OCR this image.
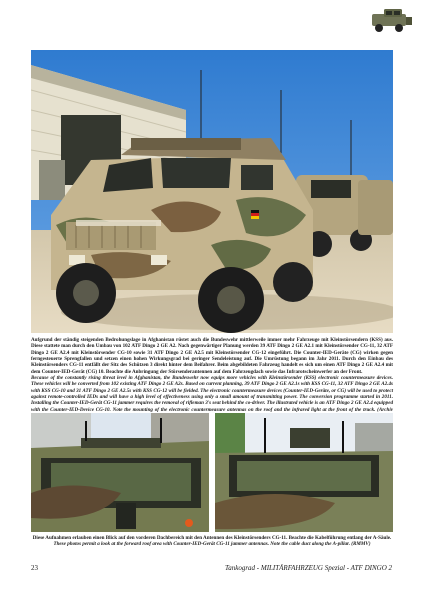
Aufgrund der ständig steigenden Bedrohungslage in Afghanistan rüstet auch die Bundeswehr mittlerweile immer mehr Fahrzeuge mit Kleinstörsendern (KSS) aus. Diese stattete man durch den Umbau von 102 ATF Dingo 2 GE A2. Nach gegenwärtiger Planung werden 39 ATF Dingo 2 GE A2.1 mit Kleinstörsender CG-11, 32 ATF Dingo 2 GE A2.4 mit Kleinstörsender CG-10 sowie 31 ATF Dingo 2 GE A2.5 mit Kleinstörsender CG-12 eingeführt. Die Counter-IED-Geräte (CG) wirken gegen ferngesteuerte Sprengfallen und setzen einen hohen Wirkungsgrad bei geringer Sendeleistung auf. Die Umrüstung begann im Jahr 2011. Durch den Einbau des Kleinstörsenders CG-11 entfällt der Sitz des Schützen 3 direkt hinter dem Beifahrer. Beim abgebildeten Fahrzeug handelt es sich um einen ATF Dingo 2 GE A2.4 mit dem Counter-IED-Gerät (CG) 10. Beachte die Anbringung der Störsenderantennen auf dem Fahrzeugdach sowie das Infrarotscheinwerfer an der Front.

Because of the constantly rising threat level in Afghanistan, the Bundeswehr now equips more vehicles with Kleinstörsender (KSS) electronic countermeasure devices. These vehicles will be converted from 102 existing ATF Dingo 2 GE A2s. Based on current planning, 39 ATF Dingo 2 GE A2.1s with KSS CG-11, 32 ATF Dingo 2 GE A2.4s with KSS CG-10 and 31 ATF Dingo 2 GE A2.5s with KSS CG-12 will be fielded. The electronic countermeasure devices (Counter-IED-Geräte, or CG) will be used to protect against remote-controlled IEDs and will have a high level of effectiveness using only a small amount of transmitting power. The conversion programme started in 2011. Installing the Counter-IED-Gerät CG-11 jammer requires the removal of rifleman 3's seat behind the co-driver. The illustrated vehicle is an ATF Dingo 2 GE A2.4 equipped with the Counter-IED-Device CG-10. Note the mounting of the electronic countermeasure antennas on the roof and the infrared light at the front of the truck. (Archiv

Diese Aufnahmen erlauben einen Blick auf den vorderen Dachbereich mit den Antennen des Kleinstörsenders CG-11. Beachte die Kabelführung entlang der A-Säule.

These photos permit a look at the forward roof area with Counter-IED-Gerät CG-11 jammer antennas. Note the cable duct along the A-pillar. (RMMV)

23	Tankograd - MILITÄRFAHRZEUG Spezial - ATF DINGO 2
